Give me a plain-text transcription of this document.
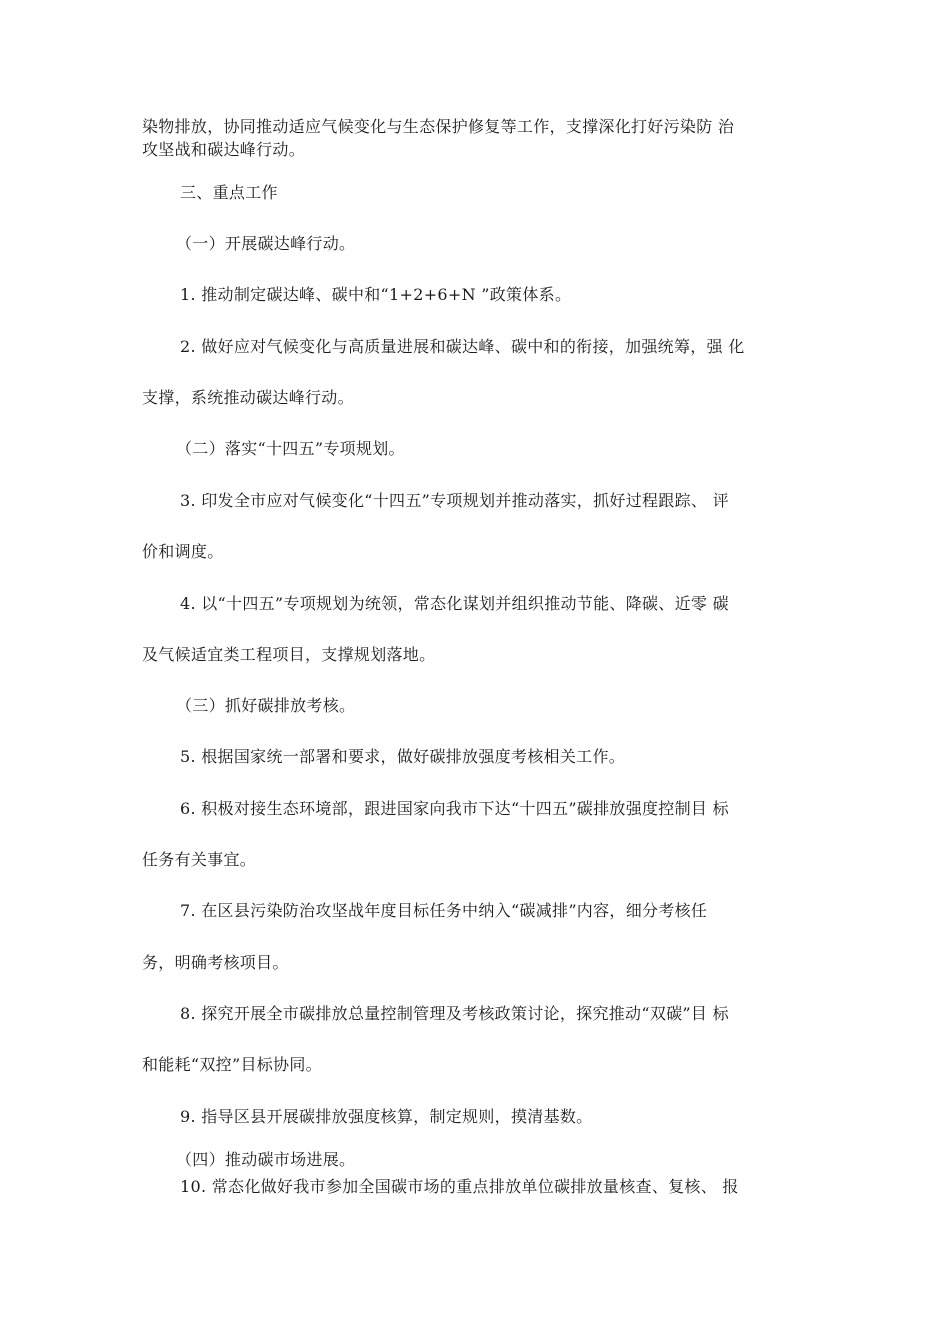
染物排放，协同推动适应气候变化与生态保护修复等工作，支撑深化打好污染防 治
攻坚战和碳达峰行动。
三、重点工作
（一）开展碳达峰行动。
1. 推动制定碳达峰、碳中和“1+2+6+N ”政策体系。
2. 做好应对气候变化与高质量进展和碳达峰、碳中和的衔接，加强统筹，强 化
支撑，系统推动碳达峰行动。
（二）落实“十四五”专项规划。
3. 印发全市应对气候变化“十四五”专项规划并推动落实，抓好过程跟踪、 评
价和调度。
4. 以“十四五”专项规划为统领，常态化谋划并组织推动节能、降碳、近零 碳
及气候适宜类工程项目，支撑规划落地。
（三）抓好碳排放考核。
5. 根据国家统一部署和要求，做好碳排放强度考核相关工作。
6. 积极对接生态环境部，跟进国家向我市下达“十四五”碳排放强度控制目 标
任务有关事宜。
7. 在区县污染防治攻坚战年度目标任务中纳入“碳减排”内容，细分考核任
务，明确考核项目。
8. 探究开展全市碳排放总量控制管理及考核政策讨论，探究推动“双碳”目 标
和能耗“双控”目标协同。
9. 指导区县开展碳排放强度核算，制定规则，摸清基数。
（四）推动碳市场进展。
10. 常态化做好我市参加全国碳市场的重点排放单位碳排放量核查、复核、 报
